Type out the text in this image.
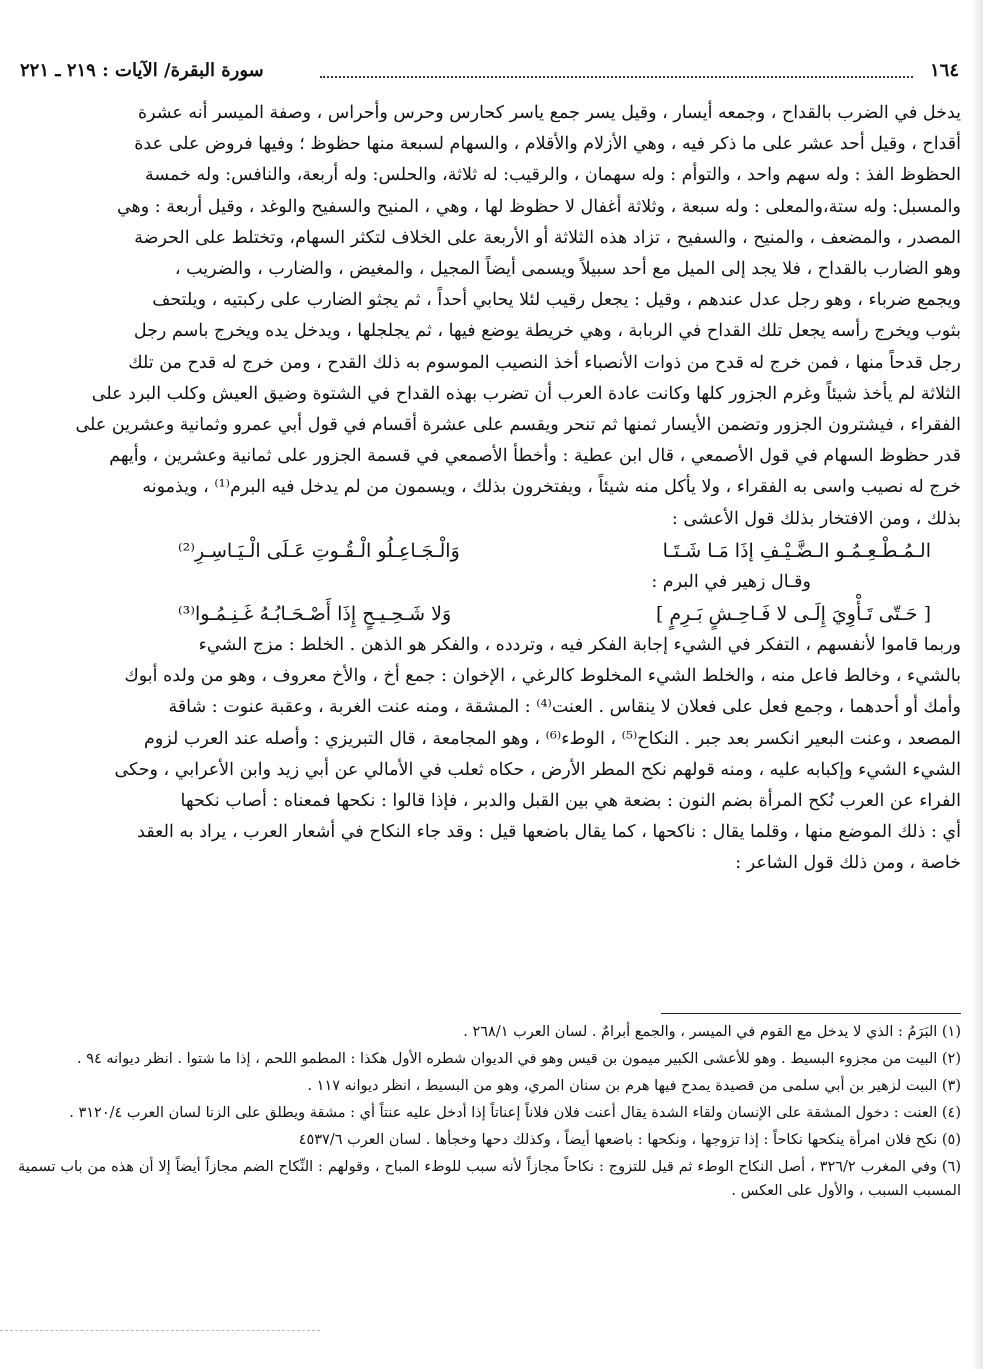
١٦٤
سورة البقرة/ الآيات : ٢١٩ ـ ٢٢١
يدخل في الضرب بالقداح ، وجمعه أيسار ، وقيل يسر جمع ياسر كحارس وحرس وأحراس ، وصفة الميسر أنه عشرة
أقداح ، وقيل أحد عشر على ما ذكر فيه ، وهي الأزلام والأقلام ، والسهام لسبعة منها حظوظ ؛ وفيها فروض على عدة
الحظوظ الفذ : وله سهم واحد ، والتوأم : وله سهمان ، والرقيب: له ثلاثة، والحلس: وله أربعة، والنافس: وله خمسة
والمسبل: وله ستة،والمعلى : وله سبعة ، وثلاثة أغفال لا حظوظ لها ، وهي ، المنيح والسفيح والوغد ، وقيل أربعة : وهي
المصدر ، والمضعف ، والمنيح ، والسفيح ، تزاد هذه الثلاثة أو الأربعة على الخلاف لتكثر السهام، وتختلط على الحرضة
وهو الضارب بالقداح ، فلا يجد إلى الميل مع أحد سبيلاً ويسمى أيضاً المجيل ، والمغيض ، والضارب ، والضريب ،
ويجمع ضرباء ، وهو رجل عدل عندهم ، وقيل : يجعل رقيب لئلا يحابي أحداً ، ثم يجثو الضارب على ركبتيه ، ويلتحف
بثوب ويخرج رأسه يجعل تلك القداح في الربابة ، وهي خريطة يوضع فيها ، ثم يجلجلها ، ويدخل يده ويخرج باسم رجل
رجل قدحاً منها ، فمن خرج له قدح من ذوات الأنصباء أخذ النصيب الموسوم به ذلك القدح ، ومن خرج له قدح من تلك
الثلاثة لم يأخذ شيئاً وغرم الجزور كلها وكانت عادة العرب أن تضرب بهذه القداح في الشتوة وضيق العيش وكلب البرد على
الفقراء ، فيشترون الجزور وتضمن الأيسار ثمنها ثم تنحر ويقسم على عشرة أقسام في قول أبي عمرو وثمانية وعشرين على
قدر حظوظ السهام في قول الأصمعي ، قال ابن عطية : وأخطأ الأصمعي في قسمة الجزور على ثمانية وعشرين ، وأيهم
خرج له نصيب واسى به الفقراء ، ولا يأكل منه شيئاً ، ويفتخرون بذلك ، ويسمون من لم يدخل فيه البرم⁽¹⁾ ، ويذمونه
بذلك ، ومن الافتخار بذلك قول الأعشى :
الـمُـطْـعِـمُـو الـضَّـيْـفِ إذَا مَـا شَـتَـا
وَالْـجَـاعِـلُو الْـقُـوتِ عَـلَى الْـيَـاسِـرِ⁽²⁾
وقـال زهير في البرم :
[ حَـتّى تَـأْوِيَ إِلَـى لا فَـاحِـشٍ بَـرِمٍ ]
وَلا شَـحِـيـحٍ إِذَا أَصْـحَـابُـهُ غَـنِـمُـوا⁽³⁾
وربما قاموا لأنفسهم ، التفكر في الشيء إجابة الفكر فيه ، وتردده ، والفكر هو الذهن . الخلط : مزج الشيء
بالشيء ، وخالط فاعل منه ، والخلط الشيء المخلوط كالرغي ، الإخوان : جمع أخ ، والأخ معروف ، وهو من ولده أبوك
وأمك أو أحدهما ، وجمع فعل على فعلان لا ينقاس . العنت⁽⁴⁾ : المشقة ، ومنه عنت الغربة ، وعقبة عنوت : شاقة
المصعد ، وعنت البعير انكسر بعد جبر . النكاح⁽⁵⁾ ، الوطء⁽⁶⁾ ، وهو المجامعة ، قال التبريزي : وأصله عند العرب لزوم
الشيء الشيء وإكبابه عليه ، ومنه قولهم نكح المطر الأرض ، حكاه ثعلب في الأمالي عن أبي زيد وابن الأعرابي ، وحكى
الفراء عن العرب نُكح المرأة بضم النون : بضعة هي بين القبل والدبر ، فإذا قالوا : نكحها فمعناه : أصاب نكحها
أي : ذلك الموضع منها ، وقلما يقال : ناكحها ، كما يقال باضعها قيل : وقد جاء النكاح في أشعار العرب ، يراد به العقد
خاصة ، ومن ذلك قول الشاعر :
(١) البَرَمُ : الذي لا يدخل مع القوم في الميسر ، والجمع أبرامٌ . لسان العرب ٢٦٨/١ .
(٢) البيت من مجزوء البسيط . وهو للأعشى الكبير ميمون بن قيس وهو في الديوان شطره الأول هكذا : المطمو اللحم ، إذا ما شتوا . انظر ديوانه ٩٤ .
(٣) البيت لزهير بن أبي سلمى من قصيدة يمدح فيها هرم بن سنان المري، وهو من البسيط ، انظر ديوانه ١١٧ .
(٤) العنت : دخول المشقة على الإنسان ولقاء الشدة يقال أعنت فلان فلاناً إعناتاً إذا أدخل عليه عنتاً أي : مشقة ويطلق على الزنا لسان العرب ٣١٢٠/٤ .
(٥) نكح فلان امرأة ينكحها نكاحاً : إذا تزوجها ، ونكحها : باضعها أيضاً ، وكذلك دحها وخجأها . لسان العرب ٤٥٣٧/٦
(٦) وفي المغرب ٣٢٦/٢ ، أصل النكاح الوطء ثم قيل للتزوج : نكاحاً مجازاً لأنه سبب للوطء المباح ، وقولهم : النِّكاح الضم مجازاً أيضاً إلا أن هذه من باب تسمية المسبب السبب ، والأول على العكس .
